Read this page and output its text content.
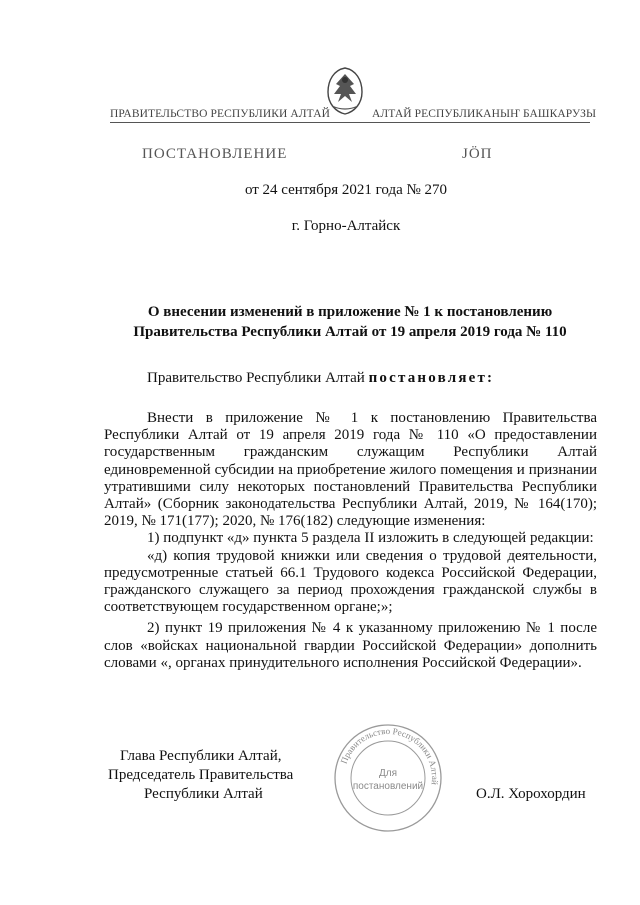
ПРАВИТЕЛЬСТВО РЕСПУБЛИКИ АЛТАЙ	АЛТАЙ РЕСПУБЛИКАНЫҤ БАШКАРУЗЫ
ПОСТАНОВЛЕНИЕ	ЈӦП
от 24 сентября 2021 года № 270
г. Горно-Алтайск
О внесении изменений в приложение № 1 к постановлению
Правительства Республики Алтай от 19 апреля 2019 года № 110
Правительство Республики Алтай постановляет:

Внести в приложение № 1 к постановлению Правительства Республики Алтай от 19 апреля 2019 года № 110 «О предоставлении государственным гражданским служащим Республики Алтай единовременной субсидии на приобретение жилого помещения и признании утратившими силу некоторых постановлений Правительства Республики Алтай» (Сборник законодательства Республики Алтай, 2019, № 164(170); 2019, № 171(177); 2020, № 176(182) следующие изменения:

1) подпункт «д» пункта 5 раздела II изложить в следующей редакции:

«д) копия трудовой книжки или сведения о трудовой деятельности, предусмотренные статьей 66.1 Трудового кодекса Российской Федерации, гражданского служащего за период прохождения гражданской службы в соответствующем государственном органе;»;

2) пункт 19 приложения № 4 к указанному приложению № 1 после слов «войсках национальной гвардии Российской Федерации» дополнить словами «, органах принудительного исполнения Российской Федерации».

Глава Республики Алтай,
Председатель Правительства
Республики Алтай	О.Л. Хорохордин
Правительство Республики Алтай
Для
постановлений
